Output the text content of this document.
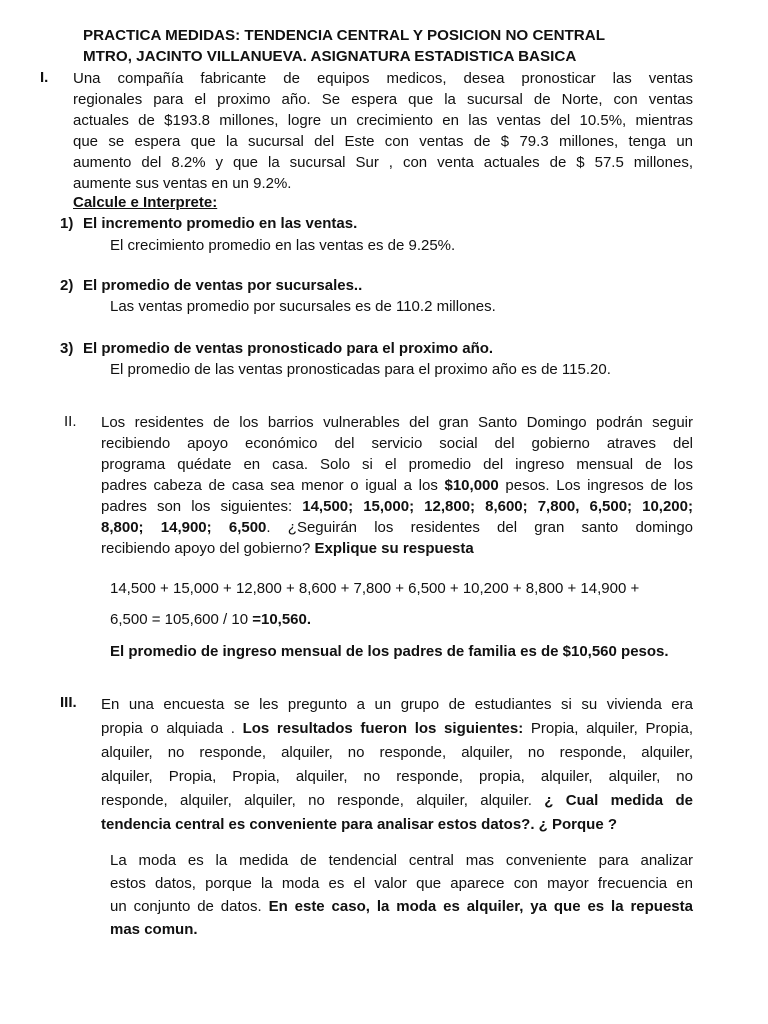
PRACTICA MEDIDAS: TENDENCIA CENTRAL Y POSICION NO CENTRAL
MTRO, JACINTO VILLANUEVA. ASIGNATURA ESTADISTICA BASICA
I. Una compañía fabricante de equipos medicos, desea pronosticar las ventas
regionales para el proximo año. Se espera que la sucursal de Norte, con ventas
actuales de $193.8 millones, logre un crecimiento en las ventas del 10.5%, mientras
que se espera que la sucursal del Este con ventas de $ 79.3 millones, tenga un
aumento del 8.2% y que la sucursal Sur , con venta actuales de $ 57.5 millones,
aumente sus ventas en un 9.2%.
Calcule e Interprete:
1) El incremento promedio en las ventas.
El crecimiento promedio en las ventas es de 9.25%.
2) El promedio de ventas por sucursales..
Las ventas promedio por sucursales es de 110.2 millones.
3) El promedio de ventas pronosticado para el proximo año.
El promedio de las ventas pronosticadas para el proximo año es de 115.20.
II. Los residentes de los barrios vulnerables del gran Santo Domingo podrán seguir
recibiendo apoyo económico del servicio social del gobierno atraves del
programa quédate en casa. Solo si el promedio del ingreso mensual de los
padres cabeza de casa sea menor o igual a los $10,000 pesos. Los ingresos de los
padres son los siguientes: 14,500; 15,000; 12,800; 8,600; 7,800, 6,500; 10,200;
8,800; 14,900; 6,500. ¿Seguirán los residentes del gran santo domingo
recibiendo apoyo del gobierno? Explique su respuesta
14,500 + 15,000 + 12,800 + 8,600 + 7,800 + 6,500 + 10,200 + 8,800 + 14,900 +
6,500 = 105,600 / 10 =10,560.
El promedio de ingreso mensual de los padres de familia es de $10,560 pesos.
III. En una encuesta se les pregunto a un grupo de estudiantes si su vivienda era
propia o alquiada . Los resultados fueron los siguientes: Propia, alquiler, Propia,
alquiler, no responde, alquiler, no responde, alquiler, no responde, alquiler,
alquiler, Propia, Propia, alquiler, no responde, propia, alquiler, alquiler, no
responde, alquiler, alquiler, no responde, alquiler, alquiler. ¿ Cual medida de
tendencia central es conveniente para analisar estos datos?. ¿ Porque ?
La moda es la medida de tendencial central mas conveniente para analizar
estos datos, porque la moda es el valor que aparece con mayor frecuencia en
un conjunto de datos. En este caso, la moda es alquiler, ya que es la repuesta
mas comun.
